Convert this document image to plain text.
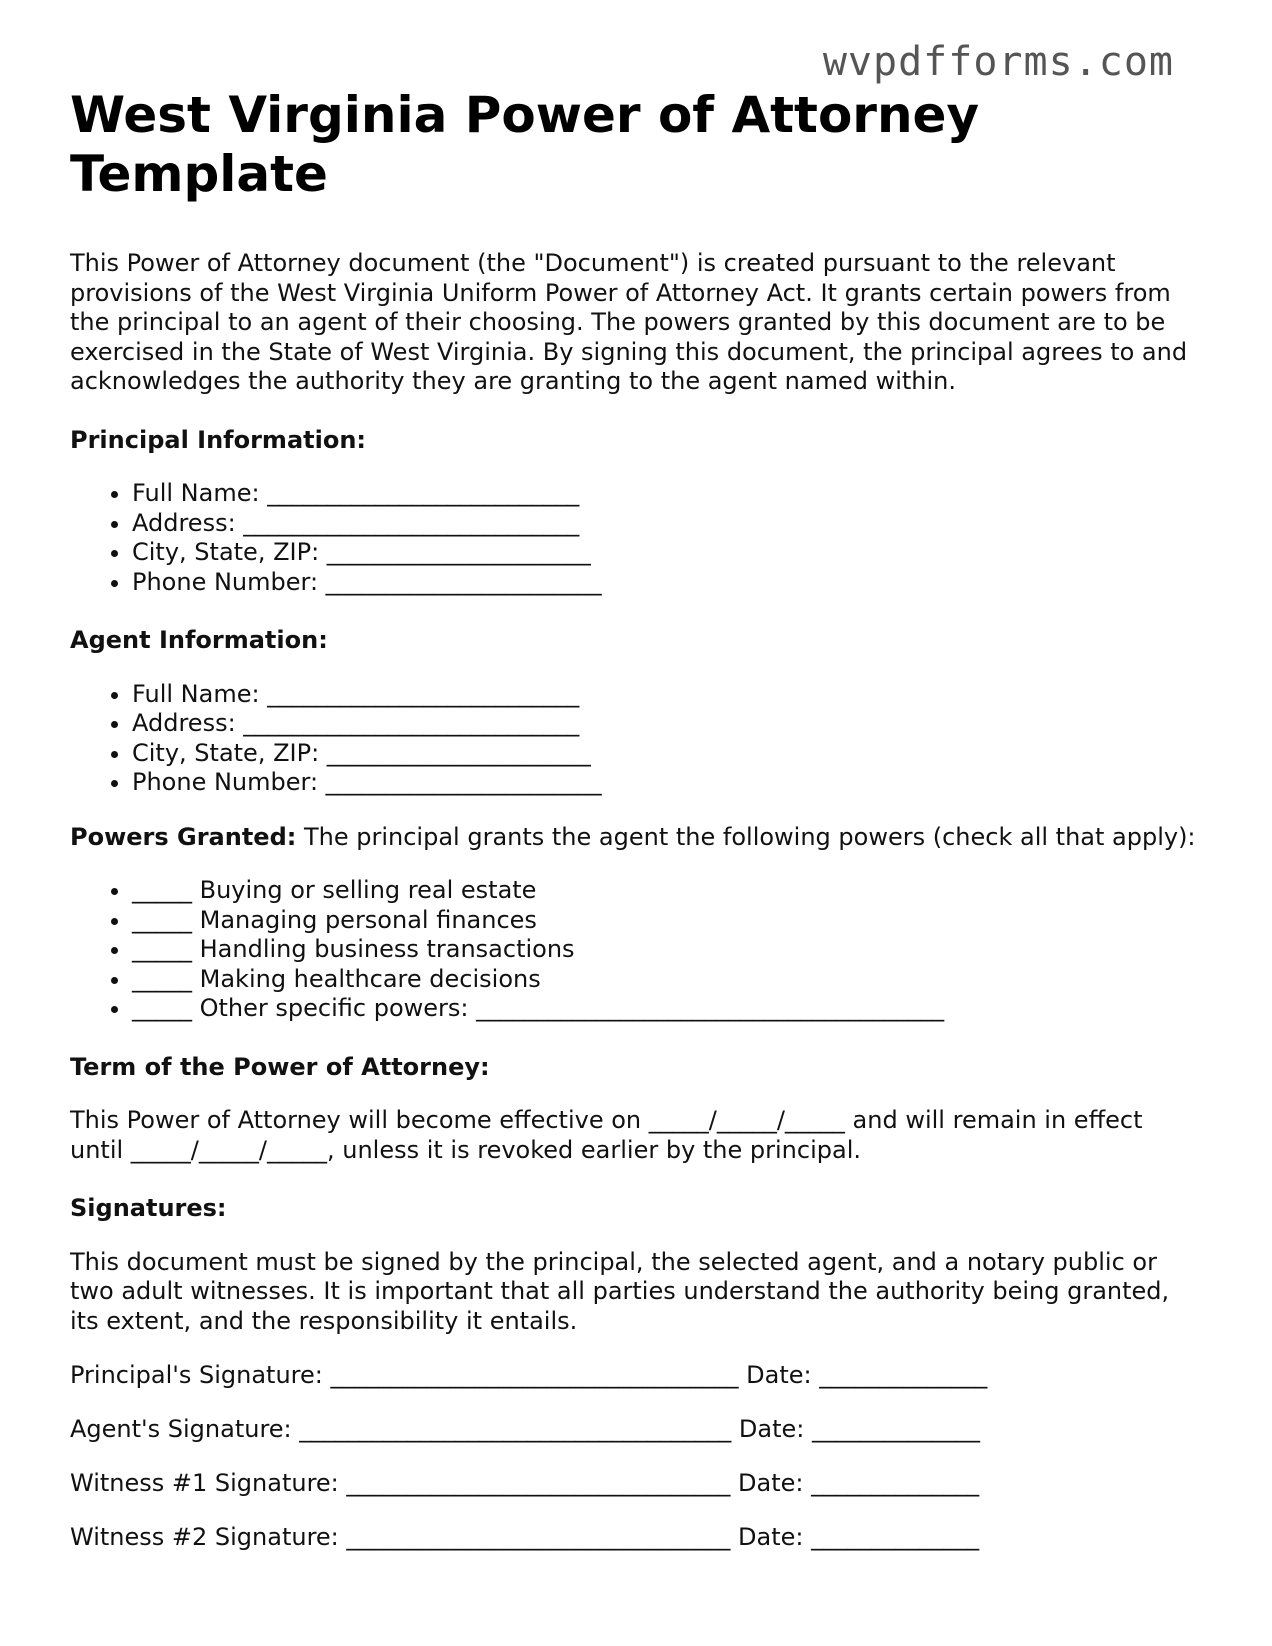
wvpdfforms.com
West Virginia Power of Attorney Template

This Power of Attorney document (the "Document") is created pursuant to the relevant provisions of the West Virginia Uniform Power of Attorney Act. It grants certain powers from the principal to an agent of their choosing. The powers granted by this document are to be exercised in the State of West Virginia. By signing this document, the principal agrees to and acknowledges the authority they are granting to the agent named within.

Principal Information:

• Full Name: __________________________
• Address: ____________________________
• City, State, ZIP: ______________________
• Phone Number: _______________________

Agent Information:

• Full Name: __________________________
• Address: ____________________________
• City, State, ZIP: ______________________
• Phone Number: _______________________

Powers Granted: The principal grants the agent the following powers (check all that apply):

• _____ Buying or selling real estate
• _____ Managing personal finances
• _____ Handling business transactions
• _____ Making healthcare decisions
• _____ Other specific powers: _______________________________________

Term of the Power of Attorney:

This Power of Attorney will become effective on _____/_____/_____ and will remain in effect until _____/_____/_____, unless it is revoked earlier by the principal.

Signatures:

This document must be signed by the principal, the selected agent, and a notary public or two adult witnesses. It is important that all parties understand the authority being granted, its extent, and the responsibility it entails.

Principal's Signature: __________________________________ Date: ______________

Agent's Signature: ____________________________________ Date: ______________

Witness #1 Signature: ________________________________ Date: ______________

Witness #2 Signature: ________________________________ Date: ______________
